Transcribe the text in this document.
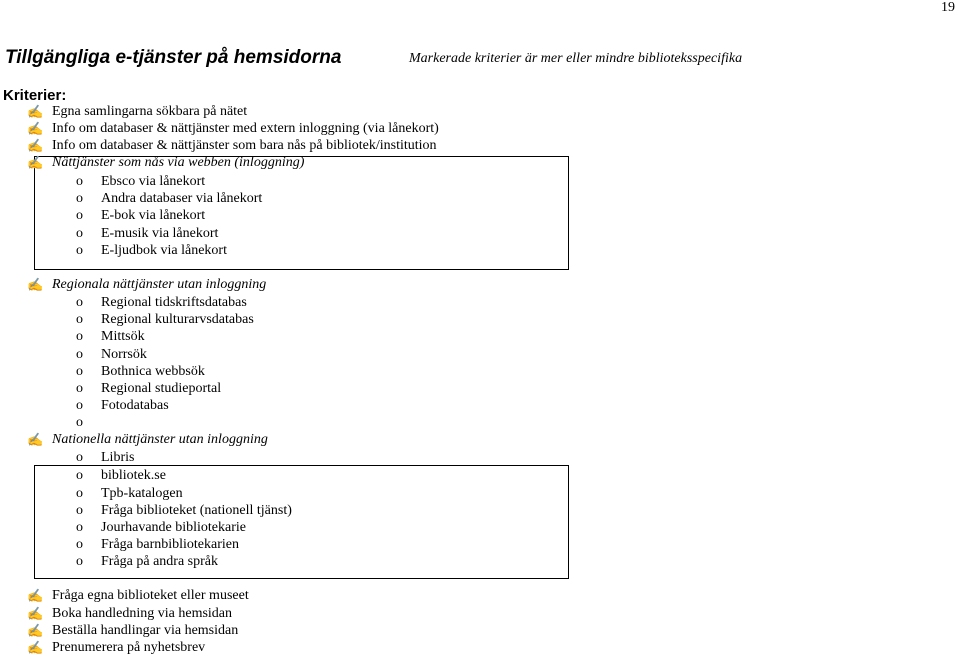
19
Tillgängliga e-tjänster på hemsidorna	Markerade kriterier är mer eller mindre biblioteksspecifika
Kriterier:
✍ Egna samlingarna sökbara på nätet
✍ Info om databaser & nättjänster med extern inloggning (via lånekort)
✍ Info om databaser & nättjänster som bara nås på bibliotek/institution
✍ Nättjänster som nås via webben (inloggning)
o Ebsco via lånekort
o Andra databaser via lånekort
o E-bok via lånekort
o E-musik via lånekort
o E-ljudbok via lånekort
✍ Regionala nättjänster utan inloggning
o Regional tidskriftsdatabas
o Regional kulturarvsdatabas
o Mittsök
o Norrsök
o Bothnica webbsök
o Regional studieportal
o Fotodatabas
o
✍ Nationella nättjänster utan inloggning
o Libris
o bibliotek.se
o Tpb-katalogen
o Fråga biblioteket (nationell tjänst)
o Jourhavande bibliotekarie
o Fråga barnbibliotekarien
o Fråga på andra språk
✍ Fråga egna biblioteket eller museet
✍ Boka handledning via hemsidan
✍ Beställa handlingar via hemsidan
✍ Prenumerera på nyhetsbrev
